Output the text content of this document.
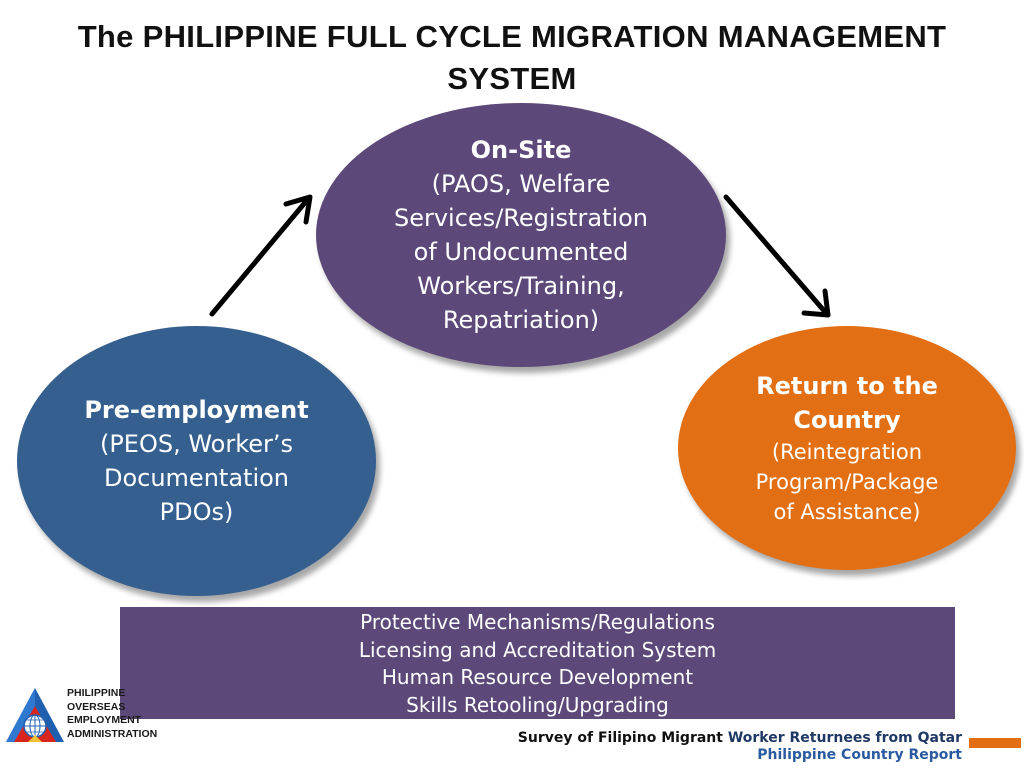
The PHILIPPINE FULL CYCLE MIGRATION MANAGEMENT
SYSTEM
On-Site
(PAOS, Welfare
Services/Registration
of Undocumented
Workers/Training,
Repatriation)
Pre-employment
(PEOS, Worker’s
Documentation
PDOs)
Return to the
Country
(Reintegration
Program/Package
of Assistance)
Protective Mechanisms/Regulations
Licensing and Accreditation System
Human Resource Development
Skills Retooling/Upgrading
PHILIPPINE
OVERSEAS
EMPLOYMENT
ADMINISTRATION	Survey of Filipino Migrant Worker Returnees from Qatar
Philippine Country Report
